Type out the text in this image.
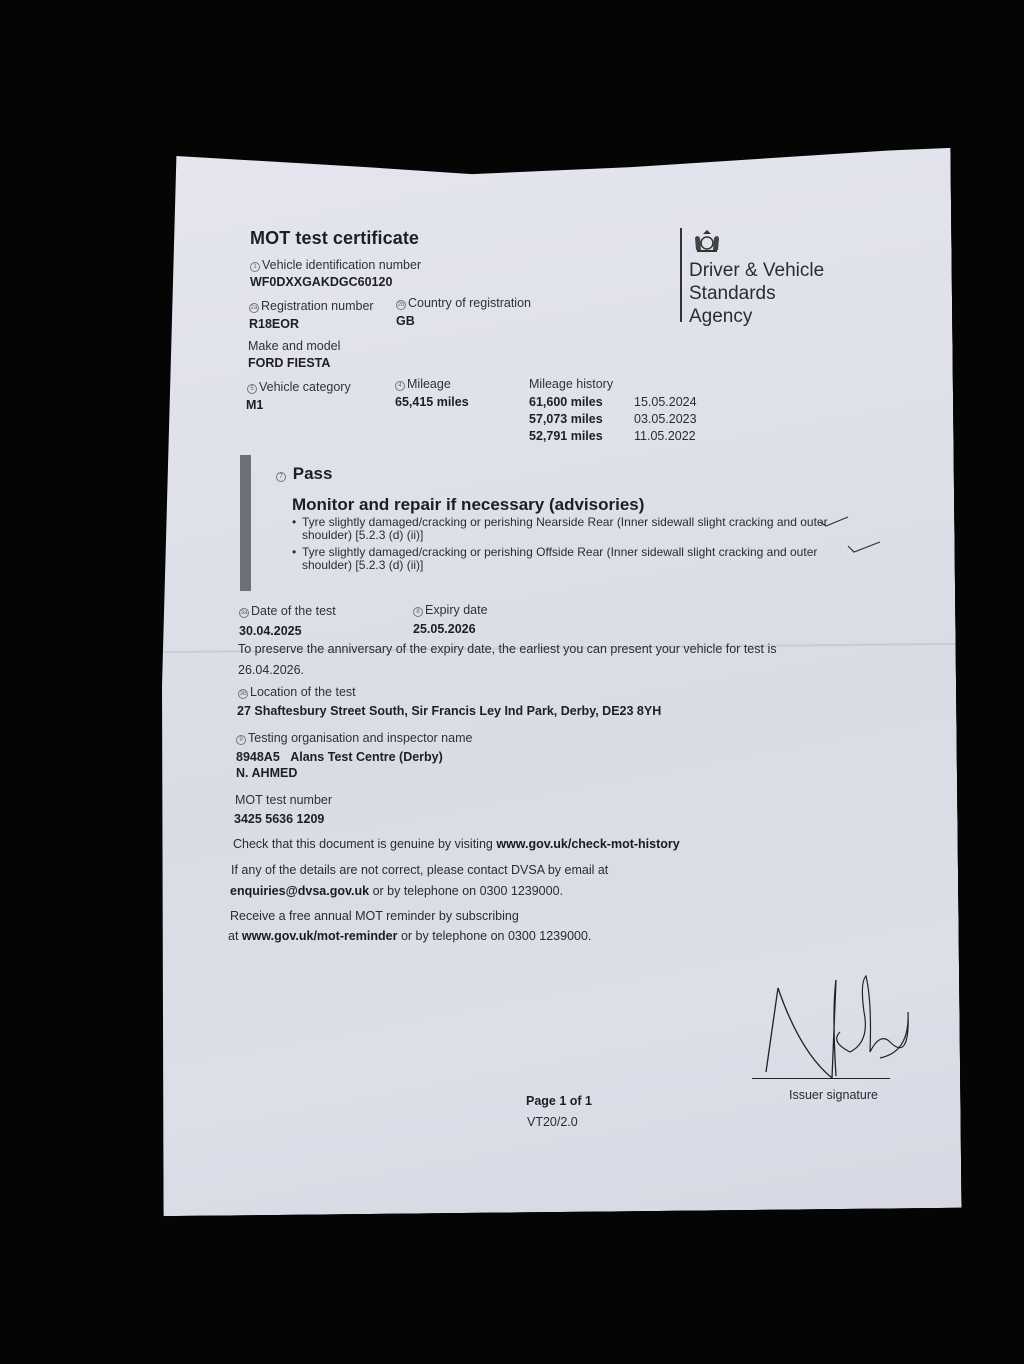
MOT test certificate
Driver & Vehicle
Standards
Agency
1 Vehicle identification number
WF0DXXGAKDGC60120
2a Registration number
R18EOR
2b Country of registration
GB
Make and model
FORD FIESTA
5 Vehicle category
M1
4 Mileage
65,415 miles
Mileage history
61,600 miles	15.05.2024
57,073 miles	03.05.2023
52,791 miles	11.05.2022
7 Pass
Monitor and repair if necessary (advisories)
• Tyre slightly damaged/cracking or perishing Nearside Rear (Inner sidewall slight cracking and outer shoulder) [5.2.3 (d) (ii)]
• Tyre slightly damaged/cracking or perishing Offside Rear (Inner sidewall slight cracking and outer shoulder) [5.2.3 (d) (ii)]
3a Date of the test
30.04.2025
8 Expiry date
25.05.2026
To preserve the anniversary of the expiry date, the earliest you can present your vehicle for test is
26.04.2026.
3b Location of the test
27 Shaftesbury Street South, Sir Francis Ley Ind Park, Derby, DE23 8YH
9 Testing organisation and inspector name
8948A5 Alans Test Centre (Derby)
N. AHMED
MOT test number
3425 5636 1209
Check that this document is genuine by visiting www.gov.uk/check-mot-history
If any of the details are not correct, please contact DVSA by email at
enquiries@dvsa.gov.uk or by telephone on 0300 1239000.
Receive a free annual MOT reminder by subscribing
at www.gov.uk/mot-reminder or by telephone on 0300 1239000.
Issuer signature
Page 1 of 1
VT20/2.0
